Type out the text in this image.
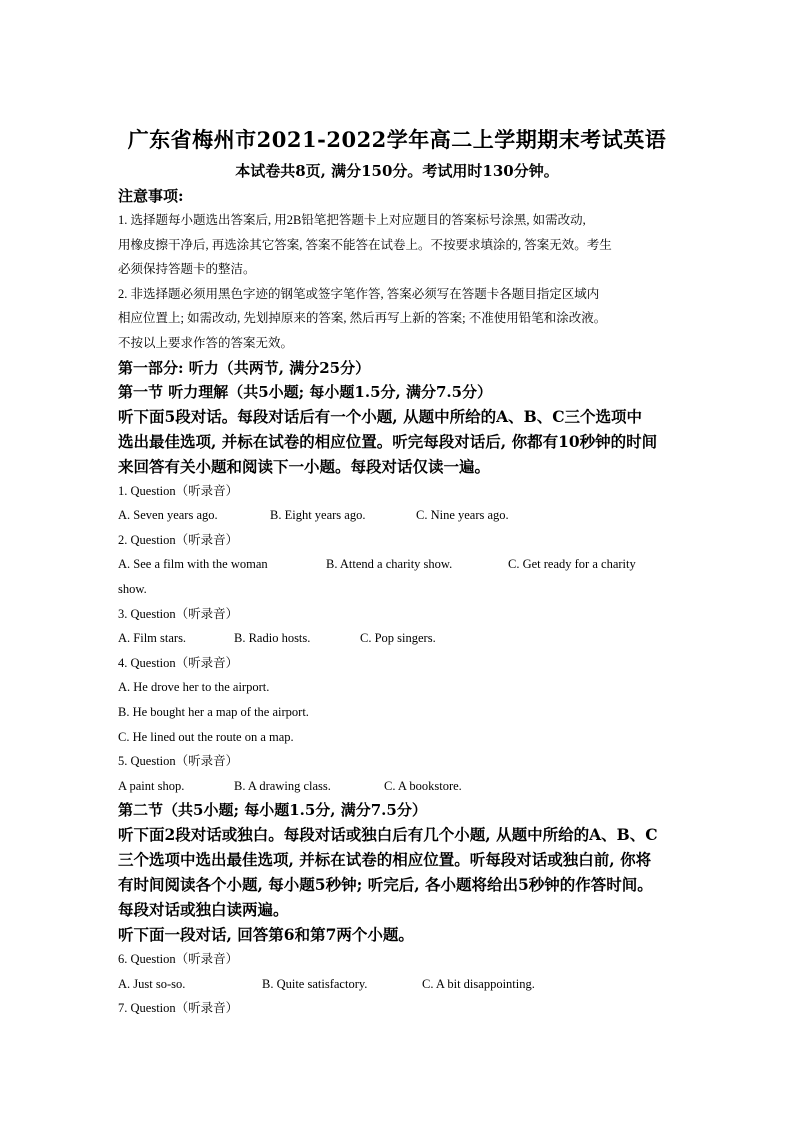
广东省梅州市2021-2022学年高二上学期期末考试英语
本试卷共8页, 满分150分。考试用时130分钟。

注意事项:

1. 选择题每小题选出答案后, 用2B铅笔把答题卡上对应题目的答案标号涂黑, 如需改动,

用橡皮擦干净后, 再选涂其它答案, 答案不能答在试卷上。不按要求填涂的, 答案无效。考生

必须保持答题卡的整洁。

2. 非选择题必须用黑色字迹的钢笔或签字笔作答, 答案必须写在答题卡各题目指定区域内

相应位置上; 如需改动, 先划掉原来的答案, 然后再写上新的答案; 不准使用铅笔和涂改液。

不按以上要求作答的答案无效。

第一部分: 听力（共两节, 满分25分）

第一节 听力理解（共5小题; 每小题1.5分, 满分7.5分）

听下面5段对话。每段对话后有一个小题, 从题中所给的A、B、C三个选项中

选出最佳选项, 并标在试卷的相应位置。听完每段对话后, 你都有10秒钟的时间

来回答有关小题和阅读下一小题。每段对话仅读一遍。

1. Question（听录音）

A. Seven years ago.	B. Eight years ago.	C. Nine years ago.

2. Question（听录音）

A. See a film with the woman	B. Attend a charity show.	C. Get ready for a charity

show.

3. Question（听录音）

A. Film stars.	B. Radio hosts.	C. Pop singers.

4. Question（听录音）

A. He drove her to the airport.

B. He bought her a map of the airport.

C. He lined out the route on a map.

5. Question（听录音）

A paint shop.	B. A drawing class.	C. A bookstore.

第二节（共5小题; 每小题1.5分, 满分7.5分）

听下面2段对话或独白。每段对话或独白后有几个小题, 从题中所给的A、B、C

三个选项中选出最佳选项, 并标在试卷的相应位置。听每段对话或独白前, 你将

有时间阅读各个小题, 每小题5秒钟; 听完后, 各小题将给出5秒钟的作答时间。

每段对话或独白读两遍。

听下面一段对话, 回答第6和第7两个小题。

6. Question（听录音）

A. Just so-so.	B. Quite satisfactory.	C. A bit disappointing.

7. Question（听录音）
